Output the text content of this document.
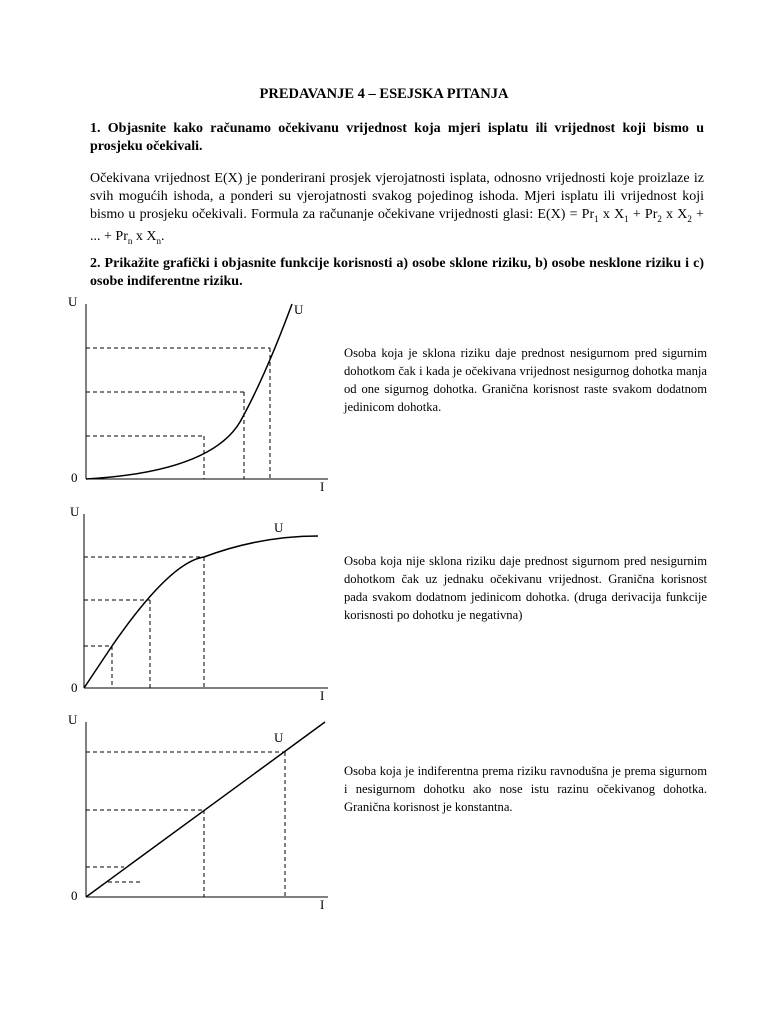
PREDAVANJE 4 – ESEJSKA PITANJA
1. Objasnite kako računamo očekivanu vrijednost koja mjeri isplatu ili vrijednost koji bismo u prosjeku očekivali.
Očekivana vrijednost E(X) je ponderirani prosjek vjerojatnosti isplata, odnosno vrijednosti koje proizlaze iz svih mogućih ishoda, a ponderi su vjerojatnosti svakog pojedinog ishoda. Mjeri isplatu ili vrijednost koji bismo u prosjeku očekivali. Formula za računanje očekivane vrijednosti glasi: $E(X) = Pr_1$ x $X_1 + Pr_2$ x $X_2$ + ... + $Pr_n$ x $X_n$.
2. Prikažite grafički i objasnite funkcije korisnosti a) osobe sklone riziku, b) osobe nesklone riziku i c) osobe indiferentne riziku.
U
U
0
I
Osoba koja je sklona riziku daje prednost nesigurnom pred sigurnim dohotkom čak i kada je očekivana vrijednost nesigurnog dohotka manja od one sigurnog dohotka. Granična korisnost raste svakom dodatnom jedinicom dohotka.
U
U
0
I
Osoba koja nije sklona riziku daje prednost sigurnom pred nesigurnim dohotkom čak uz jednaku očekivanu vrijednost. Granična korisnost pada svakom dodatnom jedinicom dohotka. (druga derivacija funkcije korisnosti po dohotku je negativna)
U
U
0
I
Osoba koja je indiferentna prema riziku ravnodušna je prema sigurnom i nesigurnom dohotku ako nose istu razinu očekivanog dohotka. Granična korisnost je konstantna.
